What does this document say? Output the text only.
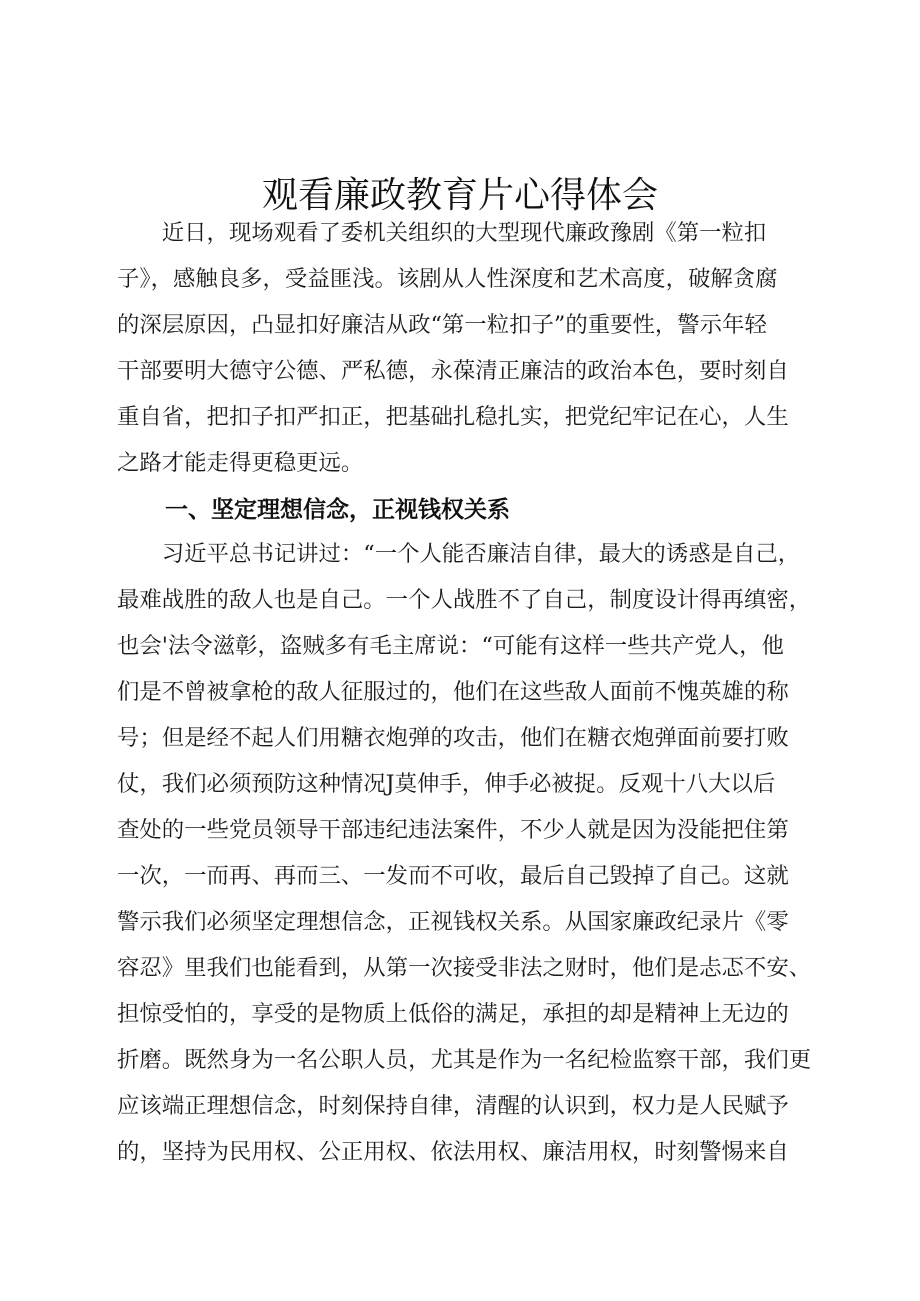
观看廉政教育片心得体会
　　近日，现场观看了委机关组织的大型现代廉政豫剧《第一粒扣
子》，感触良多，受益匪浅。该剧从人性深度和艺术高度，破解贪腐
的深层原因，凸显扣好廉洁从政“第一粒扣子”的重要性，警示年轻
干部要明大德守公德、严私德，永葆清正廉洁的政治本色，要时刻自
重自省，把扣子扣严扣正，把基础扎稳扎实，把党纪牢记在心，人生
之路才能走得更稳更远。
一、坚定理想信念，正视钱权关系
　　习近平总书记讲过：“一个人能否廉洁自律，最大的诱惑是自己，
最难战胜的敌人也是自己。一个人战胜不了自己，制度设计得再缜密，
也会'法令滋彰，盗贼多有毛主席说：“可能有这样一些共产党人，他
们是不曾被拿枪的敌人征服过的，他们在这些敌人面前不愧英雄的称
号；但是经不起人们用糖衣炮弹的攻击，他们在糖衣炮弹面前要打败
仗，我们必须预防这种情况J莫伸手，伸手必被捉。反观十八大以后
查处的一些党员领导干部违纪违法案件，不少人就是因为没能把住第
一次，一而再、再而三、一发而不可收，最后自己毁掉了自己。这就
警示我们必须坚定理想信念，正视钱权关系。从国家廉政纪录片《零
容忍》里我们也能看到，从第一次接受非法之财时，他们是忐忑不安、
担惊受怕的，享受的是物质上低俗的满足，承担的却是精神上无边的
折磨。既然身为一名公职人员，尤其是作为一名纪检监察干部，我们更
应该端正理想信念，时刻保持自律，清醒的认识到，权力是人民赋予
的，坚持为民用权、公正用权、依法用权、廉洁用权，时刻警惕来自
